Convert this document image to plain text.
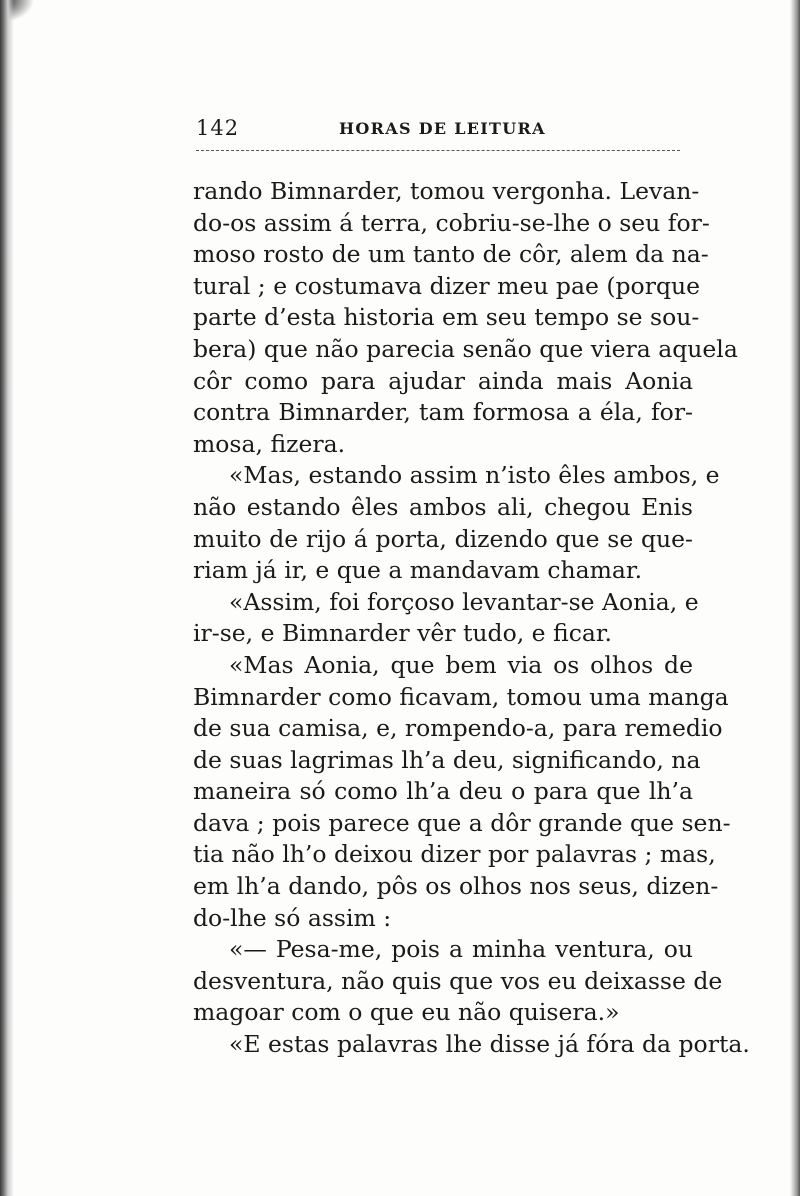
142	HORAS DE LEITURA
rando Bimnarder, tomou vergonha. Levan-
do-os assim á terra, cobriu-se-lhe o seu for-
moso rosto de um tanto de côr, alem da na-
tural ; e costumava dizer meu pae (porque
parte d’esta historia em seu tempo se sou-
bera) que não parecia senão que viera aquela
côr como para ajudar ainda mais Aonia
contra Bimnarder, tam formosa a éla, for-
mosa, fizera.
«Mas, estando assim n’isto êles ambos, e
não estando êles ambos ali, chegou Enis
muito de rijo á porta, dizendo que se que-
riam já ir, e que a mandavam chamar.
«Assim, foi forçoso levantar-se Aonia, e
ir-se, e Bimnarder vêr tudo, e ficar.
«Mas Aonia, que bem via os olhos de
Bimnarder como ficavam, tomou uma manga
de sua camisa, e, rompendo-a, para remedio
de suas lagrimas lh’a deu, significando, na
maneira só como lh’a deu o para que lh’a
dava ; pois parece que a dôr grande que sen-
tia não lh’o deixou dizer por palavras ; mas,
em lh’a dando, pôs os olhos nos seus, dizen-
do-lhe só assim :
«— Pesa-me, pois a minha ventura, ou
desventura, não quis que vos eu deixasse de
magoar com o que eu não quisera.»
«E estas palavras lhe disse já fóra da porta.
